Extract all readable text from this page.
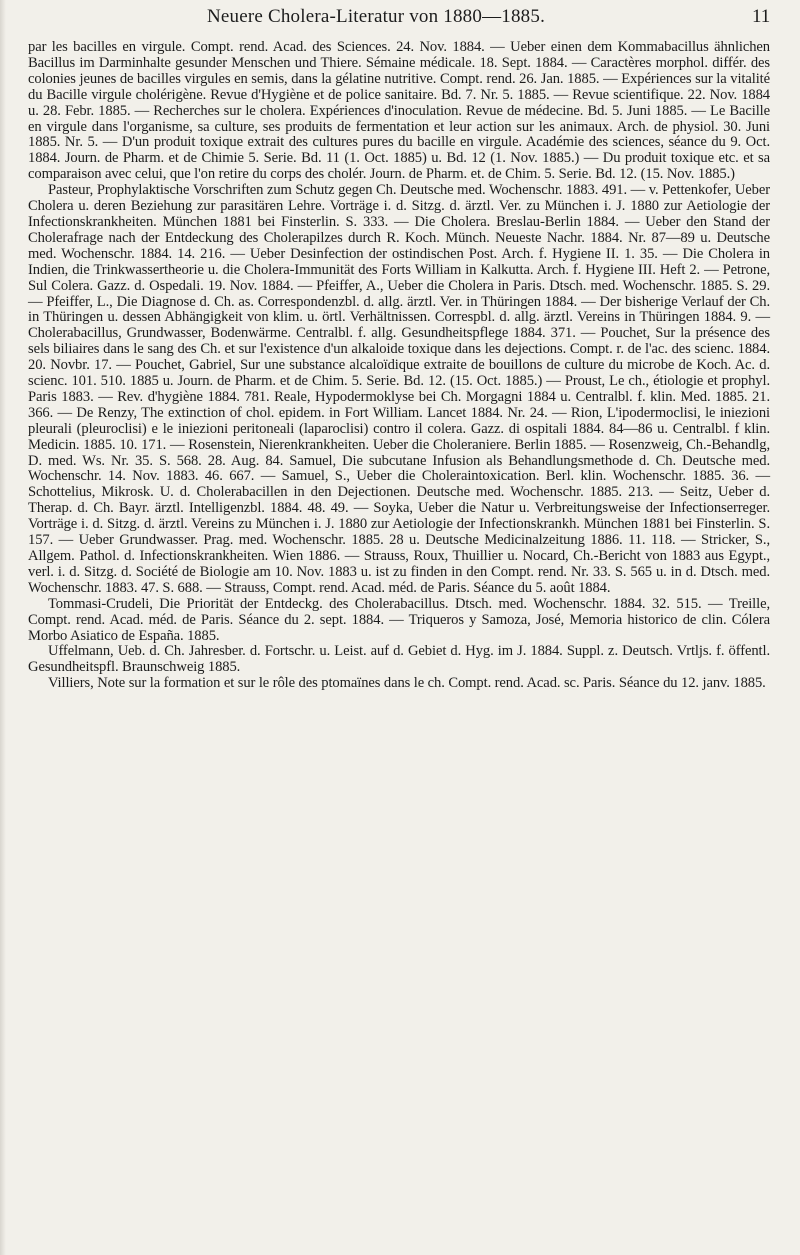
Neuere Cholera-Literatur von 1880—1885.	11

par les bacilles en virgule. Compt. rend. Acad. des Sciences. 24. Nov. 1884. — Ueber einen dem Kommabacillus ähnlichen Bacillus im Darminhalte gesunder Menschen und Thiere. Sémaine médicale. 18. Sept. 1884. — Caractères morphol. différ. des colonies jeunes de bacilles virgules en semis, dans la gélatine nutritive. Compt. rend. 26. Jan. 1885. — Expériences sur la vitalité du Bacille virgule cholérigène. Revue d'Hygiène et de police sanitaire. Bd. 7. Nr. 5. 1885. — Revue scientifique. 22. Nov. 1884 u. 28. Febr. 1885. — Recherches sur le cholera. Expériences d'inoculation. Revue de médecine. Bd. 5. Juni 1885. — Le Bacille en virgule dans l'organisme, sa culture, ses produits de fermentation et leur action sur les animaux. Arch. de physiol. 30. Juni 1885. Nr. 5. — D'un produit toxique extrait des cultures pures du bacille en virgule. Académie des sciences, séance du 9. Oct. 1884. Journ. de Pharm. et de Chimie 5. Serie. Bd. 11 (1. Oct. 1885) u. Bd. 12 (1. Nov. 1885.) — Du produit toxique etc. et sa comparaison avec celui, que l'on retire du corps des cholér. Journ. de Pharm. et. de Chim. 5. Serie. Bd. 12. (15. Nov. 1885.)

Pasteur, Prophylaktische Vorschriften zum Schutz gegen Ch. Deutsche med. Wochenschr. 1883. 491. — v. Pettenkofer, Ueber Cholera u. deren Beziehung zur parasitären Lehre. Vorträge i. d. Sitzg. d. ärztl. Ver. zu München i. J. 1880 zur Aetiologie der Infectionskrankheiten. München 1881 bei Finsterlin. S. 333. — Die Cholera. Breslau-Berlin 1884. — Ueber den Stand der Cholerafrage nach der Entdeckung des Cholerapilzes durch R. Koch. Münch. Neueste Nachr. 1884. Nr. 87—89 u. Deutsche med. Wochenschr. 1884. 14. 216. — Ueber Desinfection der ostindischen Post. Arch. f. Hygiene II. 1. 35. — Die Cholera in Indien, die Trinkwassertheorie u. die Cholera-Immunität des Forts William in Kalkutta. Arch. f. Hygiene III. Heft 2. — Petrone, Sul Colera. Gazz. d. Ospedali. 19. Nov. 1884. — Pfeiffer, A., Ueber die Cholera in Paris. Dtsch. med. Wochenschr. 1885. S. 29. — Pfeiffer, L., Die Diagnose d. Ch. as. Correspondenzbl. d. allg. ärztl. Ver. in Thüringen 1884. — Der bisherige Verlauf der Ch. in Thüringen u. dessen Abhängigkeit von klim. u. örtl. Verhältnissen. Correspbl. d. allg. ärztl. Vereins in Thüringen 1884. 9. — Cholerabacillus, Grundwasser, Bodenwärme. Centralbl. f. allg. Gesundheitspflege 1884. 371. — Pouchet, Sur la présence des sels biliaires dans le sang des Ch. et sur l'existence d'un alkaloide toxique dans les dejections. Compt. r. de l'ac. des scienc. 1884. 20. Novbr. 17. — Pouchet, Gabriel, Sur une substance alcaloïdique extraite de bouillons de culture du microbe de Koch. Ac. d. scienc. 101. 510. 1885 u. Journ. de Pharm. et de Chim. 5. Serie. Bd. 12. (15. Oct. 1885.) — Proust, Le ch., étiologie et prophyl. Paris 1883. — Rev. d'hygiène 1884. 781. Reale, Hypodermoklyse bei Ch. Morgagni 1884 u. Centralbl. f. klin. Med. 1885. 21. 366. — De Renzy, The extinction of chol. epidem. in Fort William. Lancet 1884. Nr. 24. — Rion, L'ipodermoclisi, le iniezioni pleurali (pleuroclisi) e le iniezioni peritoneali (laparoclisi) contro il colera. Gazz. di ospitali 1884. 84—86 u. Centralbl. f klin. Medicin. 1885. 10. 171. — Rosenstein, Nierenkrankheiten. Ueber die Choleraniere. Berlin 1885. — Rosenzweig, Ch.-Behandlg, D. med. Ws. Nr. 35. S. 568. 28. Aug. 84. Samuel, Die subcutane Infusion als Behandlungsmethode d. Ch. Deutsche med. Wochenschr. 14. Nov. 1883. 46. 667. — Samuel, S., Ueber die Choleraintoxication. Berl. klin. Wochenschr. 1885. 36. — Schottelius, Mikrosk. U. d. Cholerabacillen in den Dejectionen. Deutsche med. Wochenschr. 1885. 213. — Seitz, Ueber d. Therap. d. Ch. Bayr. ärztl. Intelligenzbl. 1884. 48. 49. — Soyka, Ueber die Natur u. Verbreitungsweise der Infectionserreger. Vorträge i. d. Sitzg. d. ärztl. Vereins zu München i. J. 1880 zur Aetiologie der Infectionskrankh. München 1881 bei Finsterlin. S. 157. — Ueber Grundwasser. Prag. med. Wochenschr. 1885. 28 u. Deutsche Medicinalzeitung 1886. 11. 118. — Stricker, S., Allgem. Pathol. d. Infectionskrankheiten. Wien 1886. — Strauss, Roux, Thuillier u. Nocard, Ch.-Bericht von 1883 aus Egypt., verl. i. d. Sitzg. d. Société de Biologie am 10. Nov. 1883 u. ist zu finden in den Compt. rend. Nr. 33. S. 565 u. in d. Dtsch. med. Wochenschr. 1883. 47. S. 688. — Strauss, Compt. rend. Acad. méd. de Paris. Séance du 5. août 1884.

Tommasi-Crudeli, Die Priorität der Entdeckg. des Cholerabacillus. Dtsch. med. Wochenschr. 1884. 32. 515. — Treille, Compt. rend. Acad. méd. de Paris. Séance du 2. sept. 1884. — Triqueros y Samoza, José, Memoria historico de clin. Cólera Morbo Asiatico de España. 1885.

Uffelmann, Ueb. d. Ch. Jahresber. d. Fortschr. u. Leist. auf d. Gebiet d. Hyg. im J. 1884. Suppl. z. Deutsch. Vrtljs. f. öffentl. Gesundheitspfl. Braunschweig 1885.

Villiers, Note sur la formation et sur le rôle des ptomaïnes dans le ch. Compt. rend. Acad. sc. Paris. Séance du 12. janv. 1885.
